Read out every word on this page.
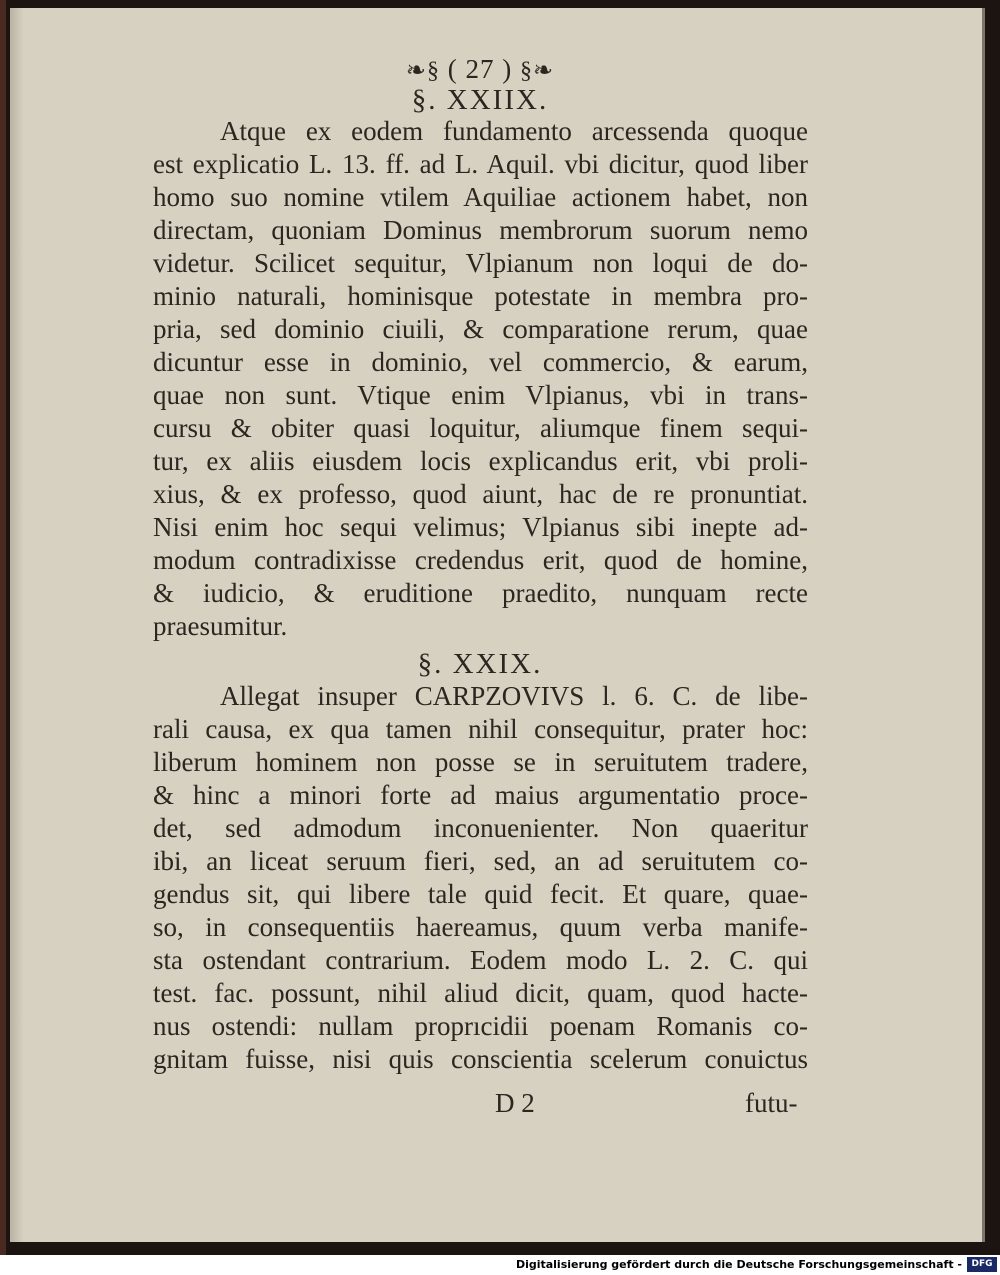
❧§ ( 27 ) §❧
§. XXIIX.
Atque ex eodem fundamento arcessenda quoque
est explicatio L. 13. ff. ad L. Aquil. vbi dicitur, quod liber
homo suo nomine vtilem Aquiliae actionem habet, non
directam, quoniam Dominus membrorum suorum nemo
videtur. Scilicet sequitur, Vlpianum non loqui de do-
minio naturali, hominisque potestate in membra pro-
pria, sed dominio ciuili, & comparatione rerum, quae
dicuntur esse in dominio, vel commercio, & earum,
quae non sunt. Vtique enim Vlpianus, vbi in trans-
cursu & obiter quasi loquitur, aliumque finem sequi-
tur, ex aliis eiusdem locis explicandus erit, vbi proli-
xius, & ex professo, quod aiunt, hac de re pronuntiat.
Nisi enim hoc sequi velimus; Vlpianus sibi inepte ad-
modum contradixisse credendus erit, quod de homine,
& iudicio, & eruditione praedito, nunquam recte
praesumitur.
§. XXIX.
Allegat insuper CARPZOVIVS l. 6. C. de libe-
rali causa, ex qua tamen nihil consequitur, prater hoc:
liberum hominem non posse se in seruitutem tradere,
& hinc a minori forte ad maius argumentatio proce-
det, sed admodum inconuenienter. Non quaeritur
ibi, an liceat seruum fieri, sed, an ad seruitutem co-
gendus sit, qui libere tale quid fecit. Et quare, quae-
so, in consequentiis haereamus, quum verba manife-
sta ostendant contrarium. Eodem modo L. 2. C. qui
test. fac. possunt, nihil aliud dicit, quam, quod hacte-
nus ostendi: nullam proprıcidii poenam Romanis co-
gnitam fuisse, nisi quis conscientia scelerum conuictus
D 2	futu-
Digitalisierung gefördert durch die Deutsche Forschungsgemeinschaft -	DFG
